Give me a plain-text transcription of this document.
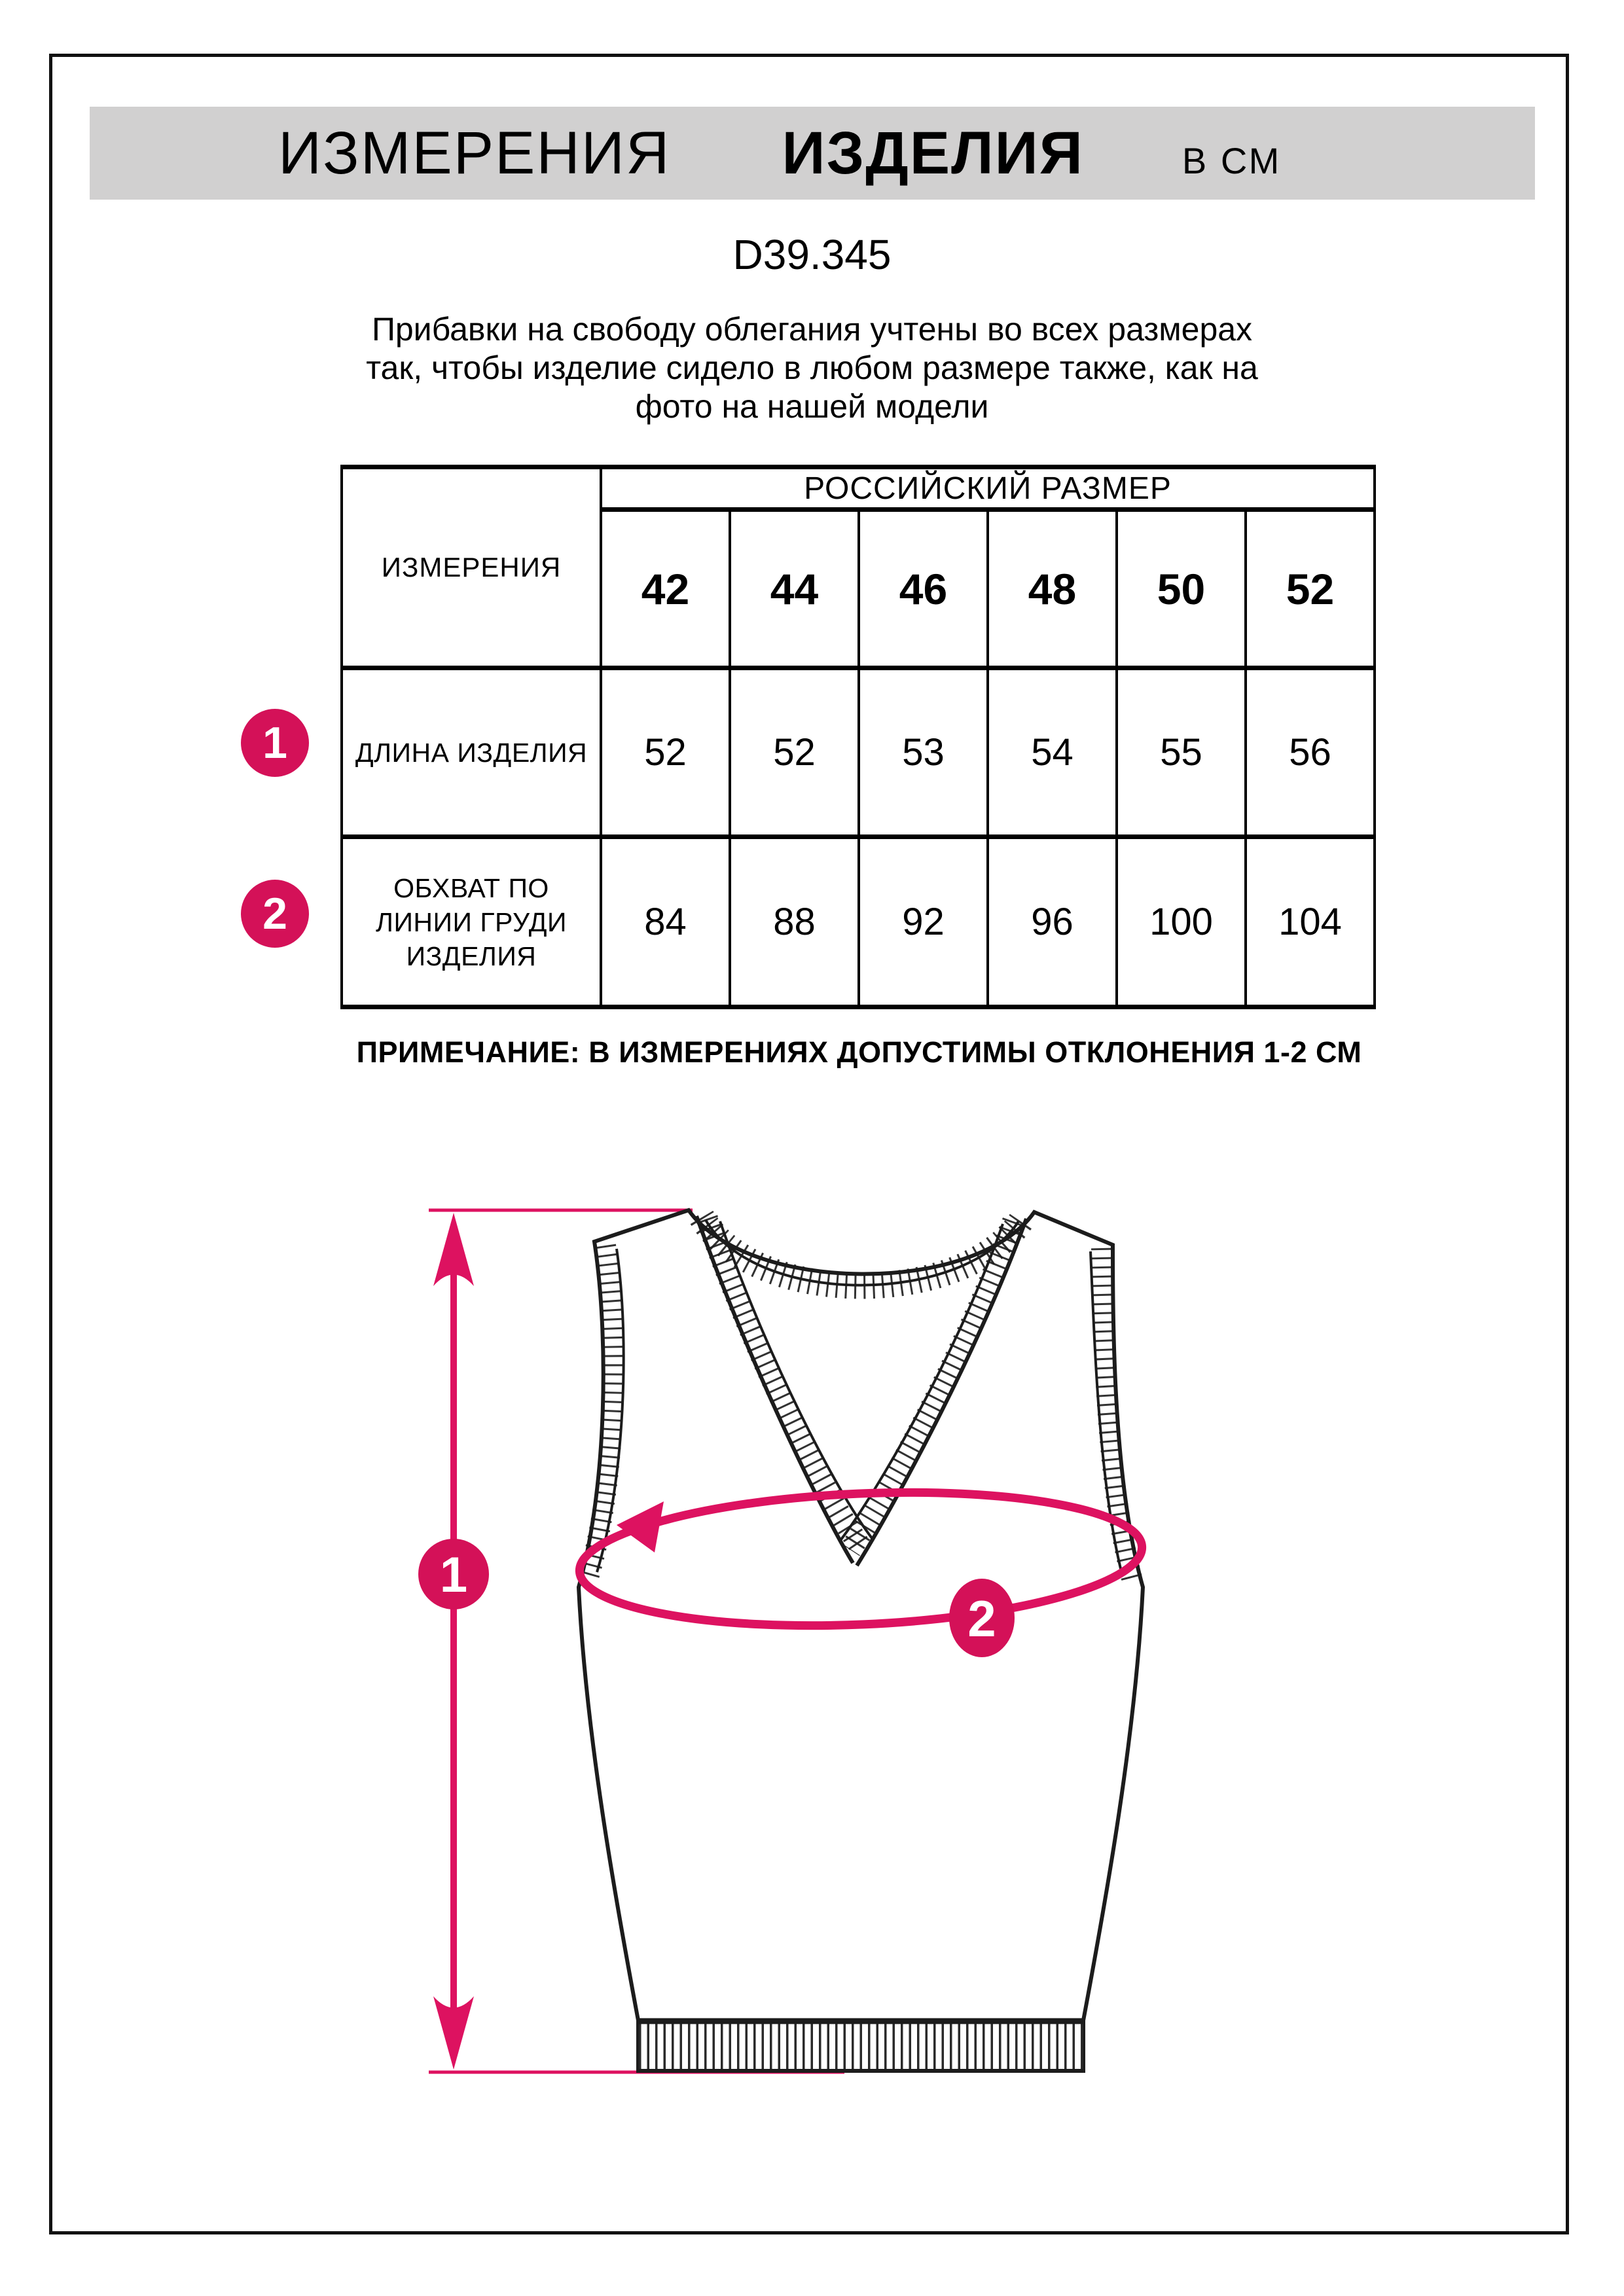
ИЗМЕРЕНИЯ ИЗДЕЛИЯ	В СМ
D39.345
Прибавки на свободу облегания учтены во всех размерах
так, чтобы изделие сидело в любом размере также, как на
фото на нашей модели
ИЗМЕРЕНИЯ	РОССИЙСКИЙ РАЗМЕР					
	42	44	46	48	50	52
ДЛИНА ИЗДЕЛИЯ	52	52	53	54	55	56

ОБХВАТ ПО
ЛИНИИ ГРУДИ
ИЗДЕЛИЯ	84	88	92	96	100	104
1
2
ПРИМЕЧАНИЕ: В ИЗМЕРЕНИЯХ ДОПУСТИМЫ ОТКЛОНЕНИЯ 1-2 СМ
1
2
